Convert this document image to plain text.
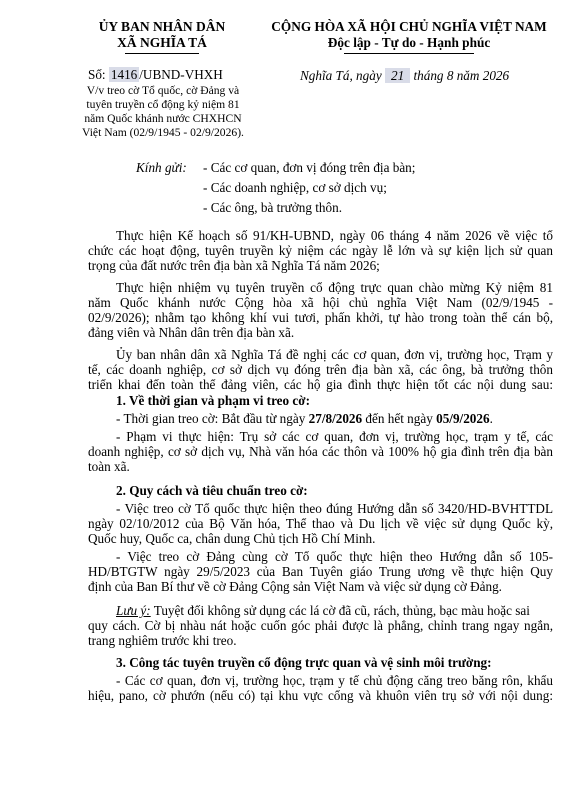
ỦY BAN NHÂN DÂN
XÃ NGHĨA TÁ
Số: 1416 /UBND-VHXH
V/v treo cờ Tổ quốc, cờ Đảng và
tuyên truyền cổ động kỷ niệm 81
năm Quốc khánh nước CHXHCN
Việt Nam (02/9/1945 - 02/9/2026).
CỘNG HÒA XÃ HỘI CHỦ NGHĨA VIỆT NAM
Độc lập - Tự do - Hạnh phúc
Nghĩa Tá, ngày 21 tháng 8 năm 2026
Kính gửi: - Các cơ quan, đơn vị đóng trên địa bàn;
- Các doanh nghiệp, cơ sở dịch vụ;
- Các ông, bà trưởng thôn.
Thực hiện Kế hoạch số 91/KH-UBND, ngày 06 tháng 4 năm 2026 về việc tổ
chức các hoạt động, tuyên truyền kỷ niệm các ngày lễ lớn và sự kiện lịch sử quan
trọng của đất nước trên địa bàn xã Nghĩa Tá năm 2026;
Thực hiện nhiệm vụ tuyên truyền cổ động trực quan chào mừng Kỷ niệm 81
năm Quốc khánh nước Cộng hòa xã hội chủ nghĩa Việt Nam (02/9/1945 -
02/9/2026); nhằm tạo không khí vui tươi, phấn khởi, tự hào trong toàn thể cán bộ,
đảng viên và Nhân dân trên địa bàn xã.
Ủy ban nhân dân xã Nghĩa Tá đề nghị các cơ quan, đơn vị, trường học, Trạm y
tế, các doanh nghiệp, cơ sở dịch vụ đóng trên địa bàn xã, các ông, bà trưởng thôn
triển khai đến toàn thể đảng viên, các hộ gia đình thực hiện tốt các nội dung sau:
1. Về thời gian và phạm vi treo cờ:
- Thời gian treo cờ: Bắt đầu từ ngày 27/8/2026 đến hết ngày 05/9/2026.
- Phạm vi thực hiện: Trụ sở các cơ quan, đơn vị, trường học, trạm y tế, các
doanh nghiệp, cơ sở dịch vụ, Nhà văn hóa các thôn và 100% hộ gia đình trên địa bàn
toàn xã.
2. Quy cách và tiêu chuẩn treo cờ:
- Việc treo cờ Tổ quốc thực hiện theo đúng Hướng dẫn số 3420/HD-BVHTTDL
ngày 02/10/2012 của Bộ Văn hóa, Thể thao và Du lịch về việc sử dụng Quốc kỳ,
Quốc huy, Quốc ca, chân dung Chủ tịch Hồ Chí Minh.
- Việc treo cờ Đảng cùng cờ Tổ quốc thực hiện theo Hướng dẫn số 105-
HD/BTGTW ngày 29/5/2023 của Ban Tuyên giáo Trung ương về thực hiện Quy
định của Ban Bí thư về cờ Đảng Cộng sản Việt Nam và việc sử dụng cờ Đảng.
Lưu ý: Tuyệt đối không sử dụng các lá cờ đã cũ, rách, thủng, bạc màu hoặc sai
quy cách. Cờ bị nhàu nát hoặc cuốn góc phải được là phẳng, chỉnh trang ngay ngắn,
trang nghiêm trước khi treo.
3. Công tác tuyên truyền cổ động trực quan và vệ sinh môi trường:
- Các cơ quan, đơn vị, trường học, trạm y tế chủ động căng treo băng rôn, khẩu
hiệu, pano, cờ phướn (nếu có) tại khu vực cổng và khuôn viên trụ sở với nội dung:
